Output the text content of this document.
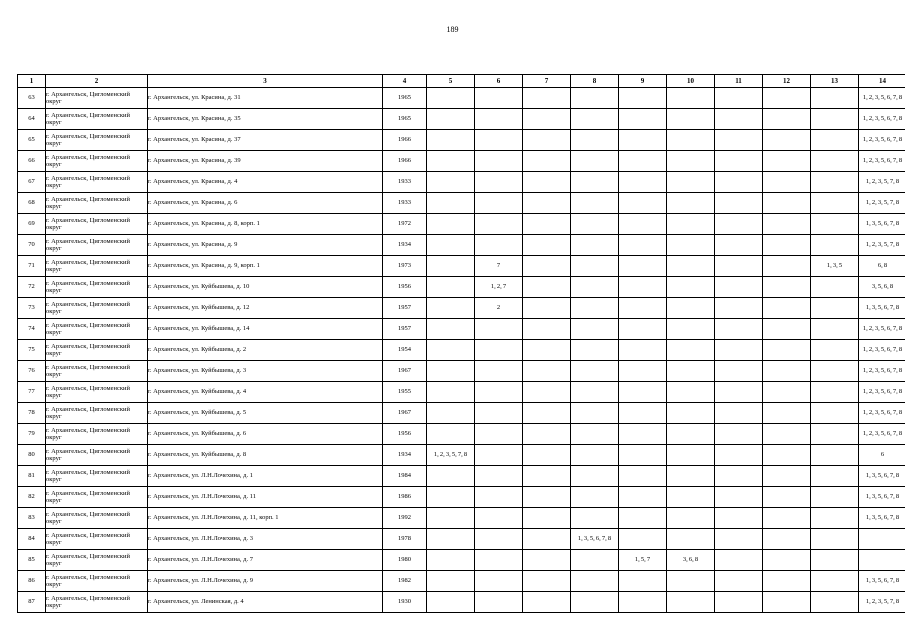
189
1	2	3	4	5	6	7	8	9	10	11	12	13	14
63	г. Архангельск, Цигломенский округ	г. Архангельск, ул. Красина, д. 31	1965										1, 2, 3, 5, 6, 7, 8
64	г. Архангельск, Цигломенский округ	г. Архангельск, ул. Красина, д. 35	1965										1, 2, 3, 5, 6, 7, 8
65	г. Архангельск, Цигломенский округ	г. Архангельск, ул. Красина, д. 37	1966										1, 2, 3, 5, 6, 7, 8
66	г. Архангельск, Цигломенский округ	г. Архангельск, ул. Красина, д. 39	1966										1, 2, 3, 5, 6, 7, 8
67	г. Архангельск, Цигломенский округ	г. Архангельск, ул. Красина, д. 4	1933										1, 2, 3, 5, 7, 8
68	г. Архангельск, Цигломенский округ	г. Архангельск, ул. Красина, д. 6	1933										1, 2, 3, 5, 7, 8
69	г. Архангельск, Цигломенский округ	г. Архангельск, ул. Красина, д. 8, корп. 1	1972										1, 3, 5, 6, 7, 8
70	г. Архангельск, Цигломенский округ	г. Архангельск, ул. Красина, д. 9	1934										1, 2, 3, 5, 7, 8
71	г. Архангельск, Цигломенский округ	г. Архангельск, ул. Красина, д. 9, корп. 1	1973		7							1, 3, 5	6, 8
72	г. Архангельск, Цигломенский округ	г. Архангельск, ул. Куйбышева, д. 10	1956		1, 2, 7								3, 5, 6, 8
73	г. Архангельск, Цигломенский округ	г. Архангельск, ул. Куйбышева, д. 12	1957		2								1, 3, 5, 6, 7, 8
74	г. Архангельск, Цигломенский округ	г. Архангельск, ул. Куйбышева, д. 14	1957										1, 2, 3, 5, 6, 7, 8
75	г. Архангельск, Цигломенский округ	г. Архангельск, ул. Куйбышева, д. 2	1954										1, 2, 3, 5, 6, 7, 8
76	г. Архангельск, Цигломенский округ	г. Архангельск, ул. Куйбышева, д. 3	1967										1, 2, 3, 5, 6, 7, 8
77	г. Архангельск, Цигломенский округ	г. Архангельск, ул. Куйбышева, д. 4	1955										1, 2, 3, 5, 6, 7, 8
78	г. Архангельск, Цигломенский округ	г. Архангельск, ул. Куйбышева, д. 5	1967										1, 2, 3, 5, 6, 7, 8
79	г. Архангельск, Цигломенский округ	г. Архангельск, ул. Куйбышева, д. 6	1956										1, 2, 3, 5, 6, 7, 8
80	г. Архангельск, Цигломенский округ	г. Архангельск, ул. Куйбышева, д. 8	1934	1, 2, 3, 5, 7, 8									6
81	г. Архангельск, Цигломенский округ	г. Архангельск, ул. Л.Н.Лочехина, д. 1	1984										1, 3, 5, 6, 7, 8
82	г. Архангельск, Цигломенский округ	г. Архангельск, ул. Л.Н.Лочехина, д. 11	1986										1, 3, 5, 6, 7, 8
83	г. Архангельск, Цигломенский округ	г. Архангельск, ул. Л.Н.Лочехина, д. 11, корп. 1	1992										1, 3, 5, 6, 7, 8
84	г. Архангельск, Цигломенский округ	г. Архангельск, ул. Л.Н.Лочехина, д. 3	1978				1, 3, 5, 6, 7, 8						
85	г. Архангельск, Цигломенский округ	г. Архангельск, ул. Л.Н.Лочехина, д. 7	1980					1, 5, 7	3, 6, 8				
86	г. Архангельск, Цигломенский округ	г. Архангельск, ул. Л.Н.Лочехина, д. 9	1982										1, 3, 5, 6, 7, 8
87	г. Архангельск, Цигломенский округ	г. Архангельск, ул. Ленинская, д. 4	1930										1, 2, 3, 5, 7, 8
